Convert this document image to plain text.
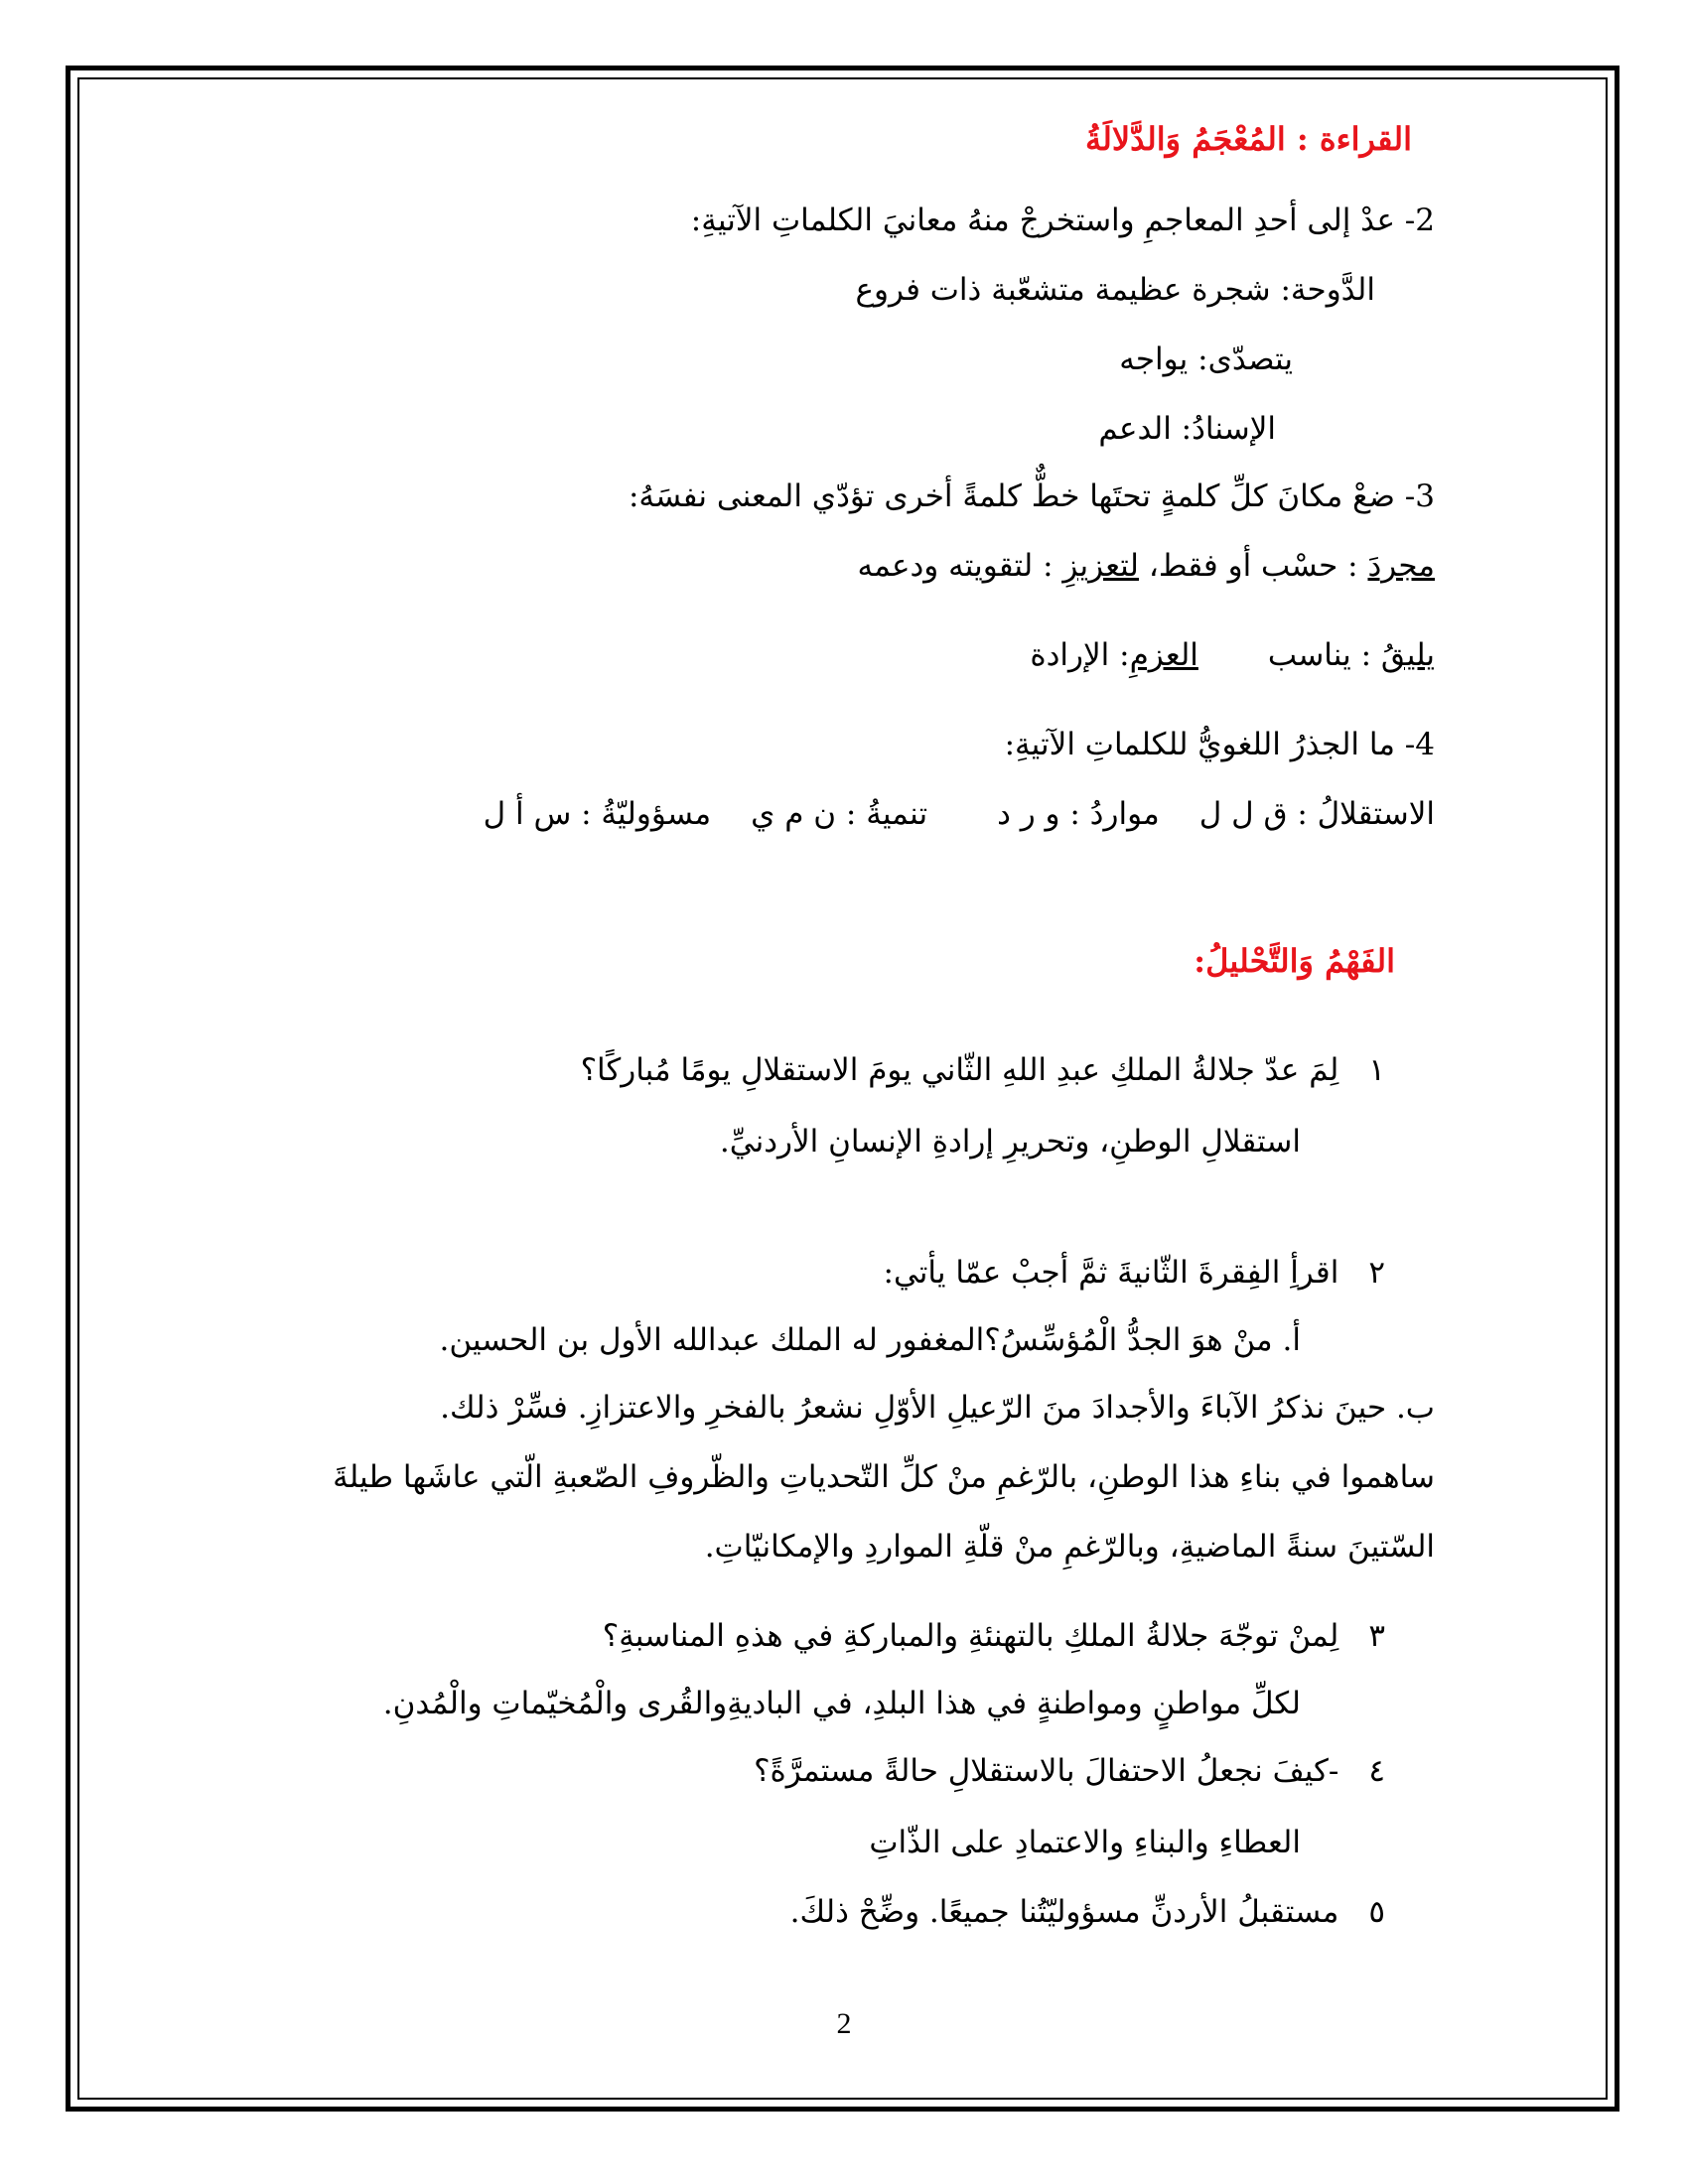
القراءة : المُعْجَمُ وَالدَّلالَةُ
2- عدْ إلى أحدِ المعاجمِ واستخرجْ منهُ معانيَ الكلماتِ الآتيةِ:
الدَّوحة: شجرة عظيمة متشعّبة ذات فروع
يتصدّى: يواجه
الإسنادُ: الدعم
3- ضعْ مكانَ كلِّ كلمةٍ تحتَها خطٌّ كلمةً أخرى تؤدّي المعنى نفسَهُ:
مجردَ : حسْب أو فقط، لتعزيزِ : لتقويته ودعمه
يليقُ : يناسبالعزمِ: الإرادة
4- ما الجذرُ اللغويُّ للكلماتِ الآتيةِ:
الاستقلالُ : ق ل لمواردُ : و ر دتنميةُ : ن م يمسؤوليّةُ : س أ ل
الفَهْمُ وَالتَّحْليلُ:
١لِمَ عدّ جلالةُ الملكِ عبدِ اللهِ الثّاني يومَ الاستقلالِ يومًا مُباركًا؟
استقلالِ الوطنِ، وتحريرِ إرادةِ الإنسانِ الأردنيِّ.
٢اقرأِ الفِقرةَ الثّانيةَ ثمَّ أجبْ عمّا يأتي:
أ. منْ هوَ الجدُّ الْمُؤسِّسُ؟المغفور له الملك عبدالله الأول بن الحسين.
ب. حينَ نذكرُ الآباءَ والأجدادَ منَ الرّعيلِ الأوّلِ نشعرُ بالفخرِ والاعتزازِ. فسِّرْ ذلك.
ساهموا في بناءِ هذا الوطنِ، بالرّغمِ منْ كلِّ التّحدياتِ والظّروفِ الصّعبةِ الّتي عاشَها طيلةَ
السّتينَ سنةً الماضيةِ، وبالرّغمِ منْ قلّةِ المواردِ والإمكانيّاتِ.
٣لِمنْ توجّهَ جلالةُ الملكِ بالتهنئةِ والمباركةِ في هذهِ المناسبةِ؟
لكلِّ مواطنٍ ومواطنةٍ في هذا البلدِ، في الباديةِوالقُرى والْمُخيّماتِ والْمُدنِ.
٤-كيفَ نجعلُ الاحتفالَ بالاستقلالِ حالةً مستمرَّةً؟
العطاءِ والبناءِ والاعتمادِ على الذّاتِ
٥مستقبلُ الأردنِّ مسؤوليّتُنا جميعًا. وضِّحْ ذلكَ.
2
